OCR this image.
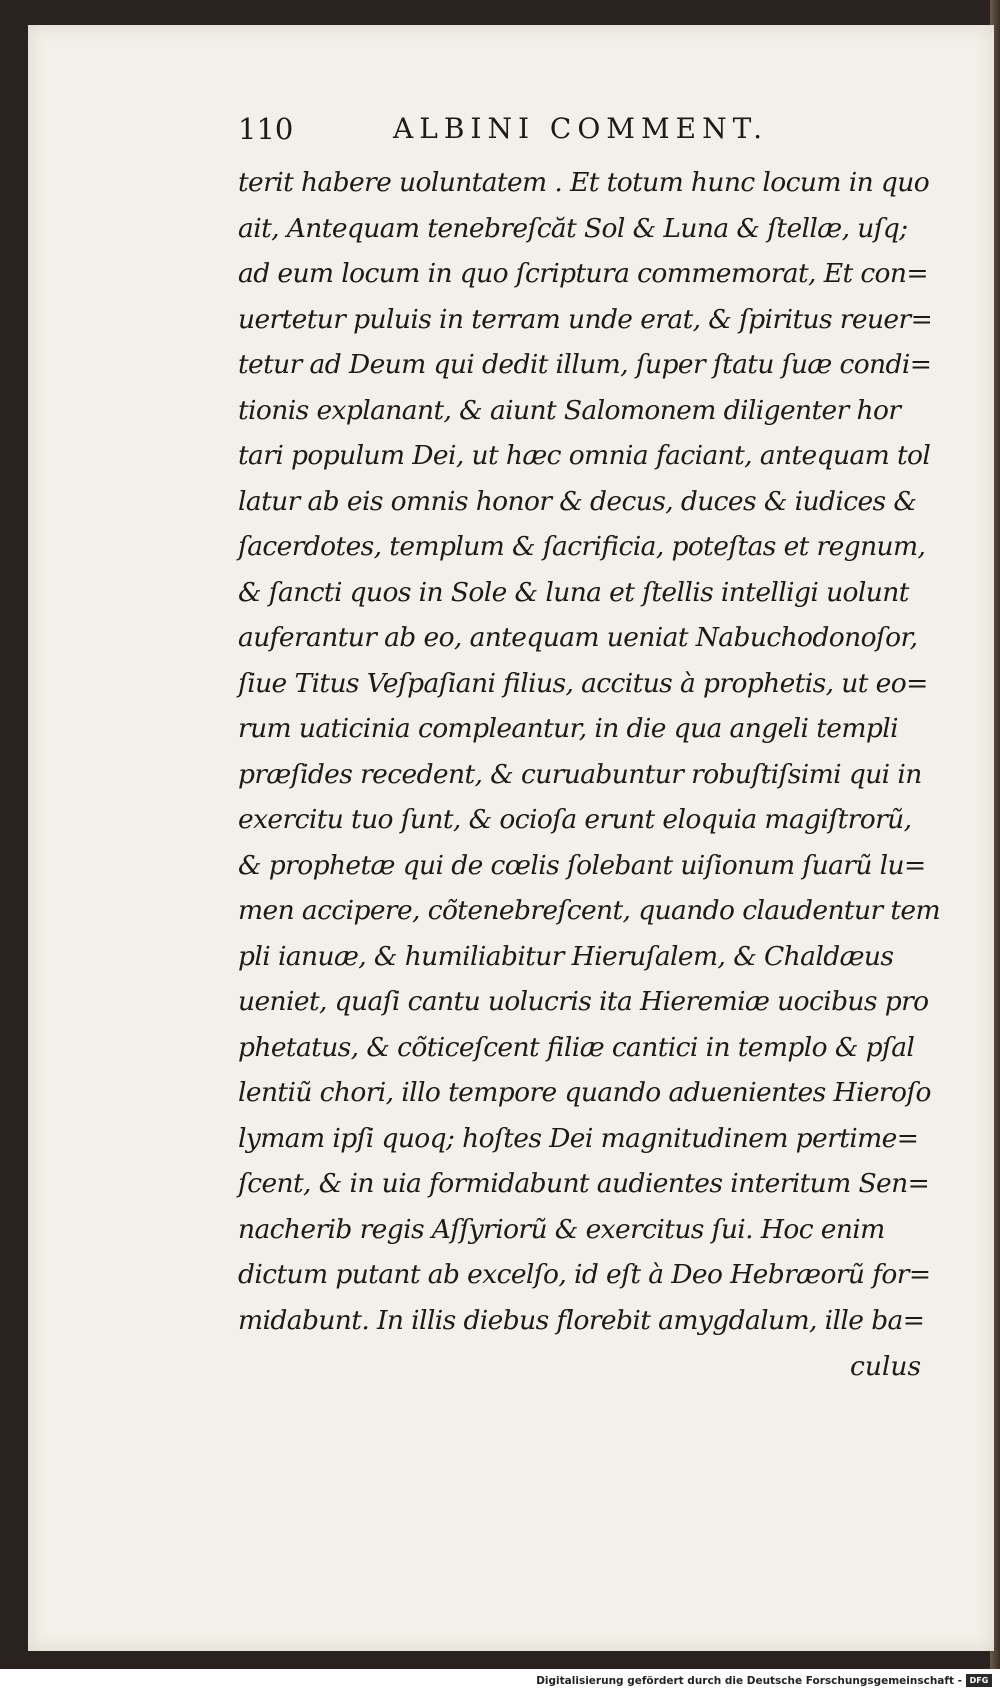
110	ALBINI COMMENT.
terit habere uoluntatem . Et totum hunc locum in quo
ait, Antequam tenebreſcăt Sol & Luna & ſtellæ, uſq;
ad eum locum in quo ſcriptura commemorat, Et con=
uertetur puluis in terram unde erat, & ſpiritus reuer=
tetur ad Deum qui dedit illum, ſuper ſtatu ſuæ condi=
tionis explanant, & aiunt Salomonem diligenter hor
tari populum Dei, ut hæc omnia faciant, antequam tol
latur ab eis omnis honor & decus, duces & iudices &
ſacerdotes, templum & ſacrificia, poteſtas et regnum,
& ſancti quos in Sole & luna et ſtellis intelligi uolunt
auferantur ab eo, antequam ueniat Nabuchodonoſor,
ſiue Titus Veſpaſiani filius, accitus à prophetis, ut eo=
rum uaticinia compleantur, in die qua angeli templi
præſides recedent, & curuabuntur robuſtiſsimi qui in
exercitu tuo ſunt, & ocioſa erunt eloquia magiſtrorũ,
& prophetæ qui de cœlis ſolebant uiſionum ſuarũ lu=
men accipere, cõtenebreſcent, quando claudentur tem
pli ianuæ, & humiliabitur Hieruſalem, & Chaldæus
ueniet, quaſi cantu uolucris ita Hieremiæ uocibus pro
phetatus, & cõticeſcent filiæ cantici in templo & pſal
lentiũ chori, illo tempore quando aduenientes Hieroſo
lymam ipſi quoq; hoſtes Dei magnitudinem pertime=
ſcent, & in uia formidabunt audientes interitum Sen=
nacherib regis Aſſyriorũ & exercitus ſui. Hoc enim
dictum putant ab excelſo, id eſt à Deo Hebræorũ for=
midabunt. In illis diebus florebit amygdalum, ille ba=
culus
Digitalisierung gefördert durch die Deutsche Forschungsgemeinschaft - DFG
